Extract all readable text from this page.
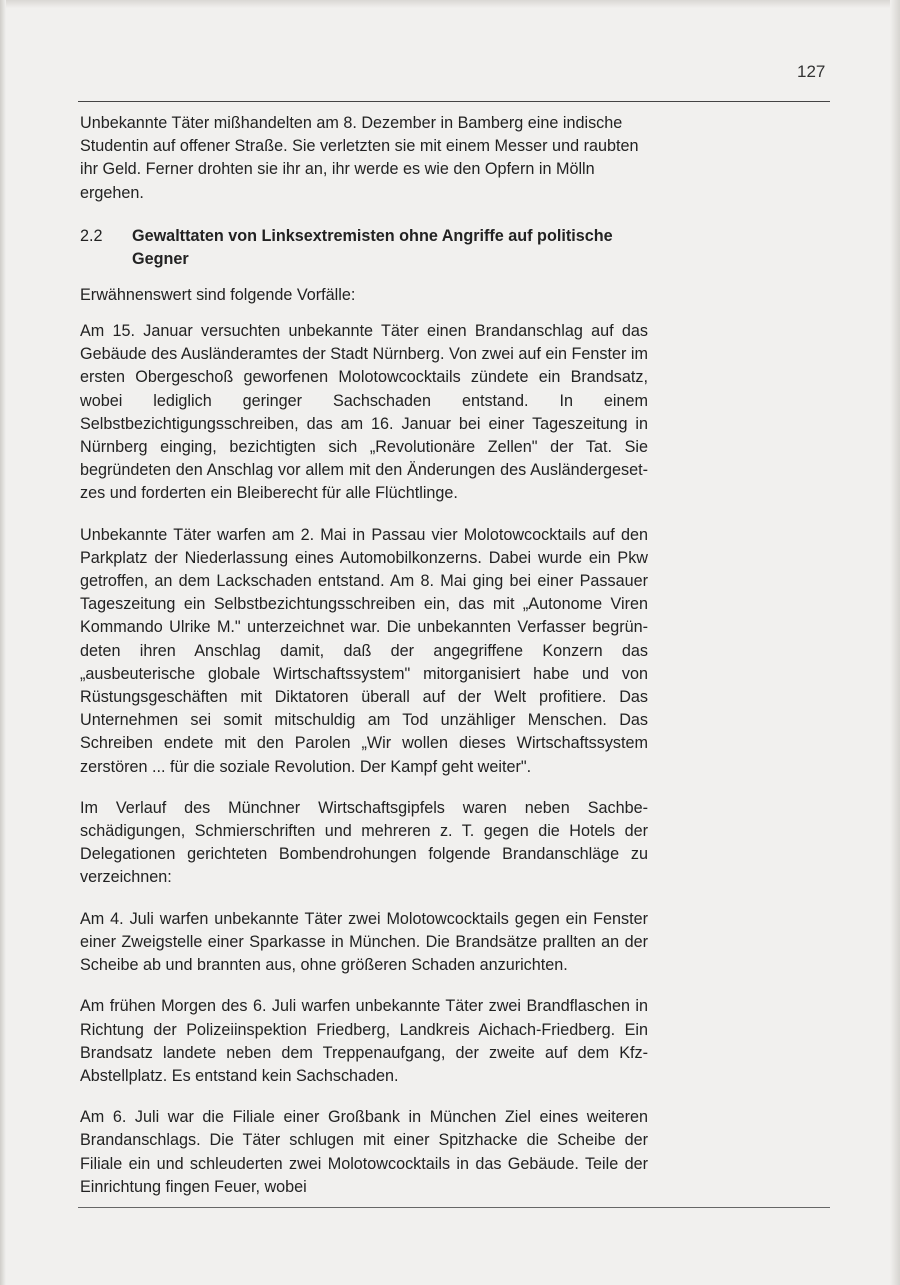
127

Unbekannte Täter mißhandelten am 8. Dezember in Bamberg eine indische Studentin auf offener Straße. Sie verletzten sie mit einem Messer und raubten ihr Geld. Ferner drohten sie ihr an, ihr werde es wie den Opfern in Mölln ergehen.

2.2	Gewalttaten von Linksextremisten ohne Angriffe auf politische Gegner

Erwähnenswert sind folgende Vorfälle:

Am 15. Januar versuchten unbekannte Täter einen Brandanschlag auf das Gebäude des Ausländeramtes der Stadt Nürnberg. Von zwei auf ein Fenster im ersten Obergeschoß geworfenen Molotowcocktails zündete ein Brandsatz, wobei lediglich geringer Sachschaden entstand. In einem Selbstbezichtigungsschreiben, das am 16. Januar bei einer Tageszeitung in Nürnberg einging, bezichtigten sich „Revolutionäre Zellen" der Tat. Sie begründeten den Anschlag vor allem mit den Änderungen des Ausländergesetzes und forderten ein Bleiberecht für alle Flüchtlinge.

Unbekannte Täter warfen am 2. Mai in Passau vier Molotowcocktails auf den Parkplatz der Niederlassung eines Automobilkonzerns. Dabei wurde ein Pkw getroffen, an dem Lackschaden entstand. Am 8. Mai ging bei einer Passauer Tageszeitung ein Selbstbezichtungsschreiben ein, das mit „Autonome Viren Kommando Ulrike M." unterzeichnet war. Die unbekannten Verfasser begründeten ihren Anschlag damit, daß der angegriffene Konzern das „ausbeuterische globale Wirtschaftssystem" mitorganisiert habe und von Rüstungsgeschäften mit Diktatoren überall auf der Welt profitiere. Das Unternehmen sei somit mitschuldig am Tod unzähliger Menschen. Das Schreiben endete mit den Parolen „Wir wollen dieses Wirtschaftssystem zerstören ... für die soziale Revolution. Der Kampf geht weiter".

Im Verlauf des Münchner Wirtschaftsgipfels waren neben Sachbeschädigungen, Schmierschriften und mehreren z. T. gegen die Hotels der Delegationen gerichteten Bombendrohungen folgende Brandanschläge zu verzeichnen:

Am 4. Juli warfen unbekannte Täter zwei Molotowcocktails gegen ein Fenster einer Zweigstelle einer Sparkasse in München. Die Brandsätze prallten an der Scheibe ab und brannten aus, ohne größeren Schaden anzurichten.

Am frühen Morgen des 6. Juli warfen unbekannte Täter zwei Brandflaschen in Richtung der Polizeiinspektion Friedberg, Landkreis Aichach-Friedberg. Ein Brandsatz landete neben dem Treppenaufgang, der zweite auf dem Kfz-Abstellplatz. Es entstand kein Sachschaden.

Am 6. Juli war die Filiale einer Großbank in München Ziel eines weiteren Brandanschlags. Die Täter schlugen mit einer Spitzhacke die Scheibe der Filiale ein und schleuderten zwei Molotowcocktails in das Gebäude. Teile der Einrichtung fingen Feuer, wobei
